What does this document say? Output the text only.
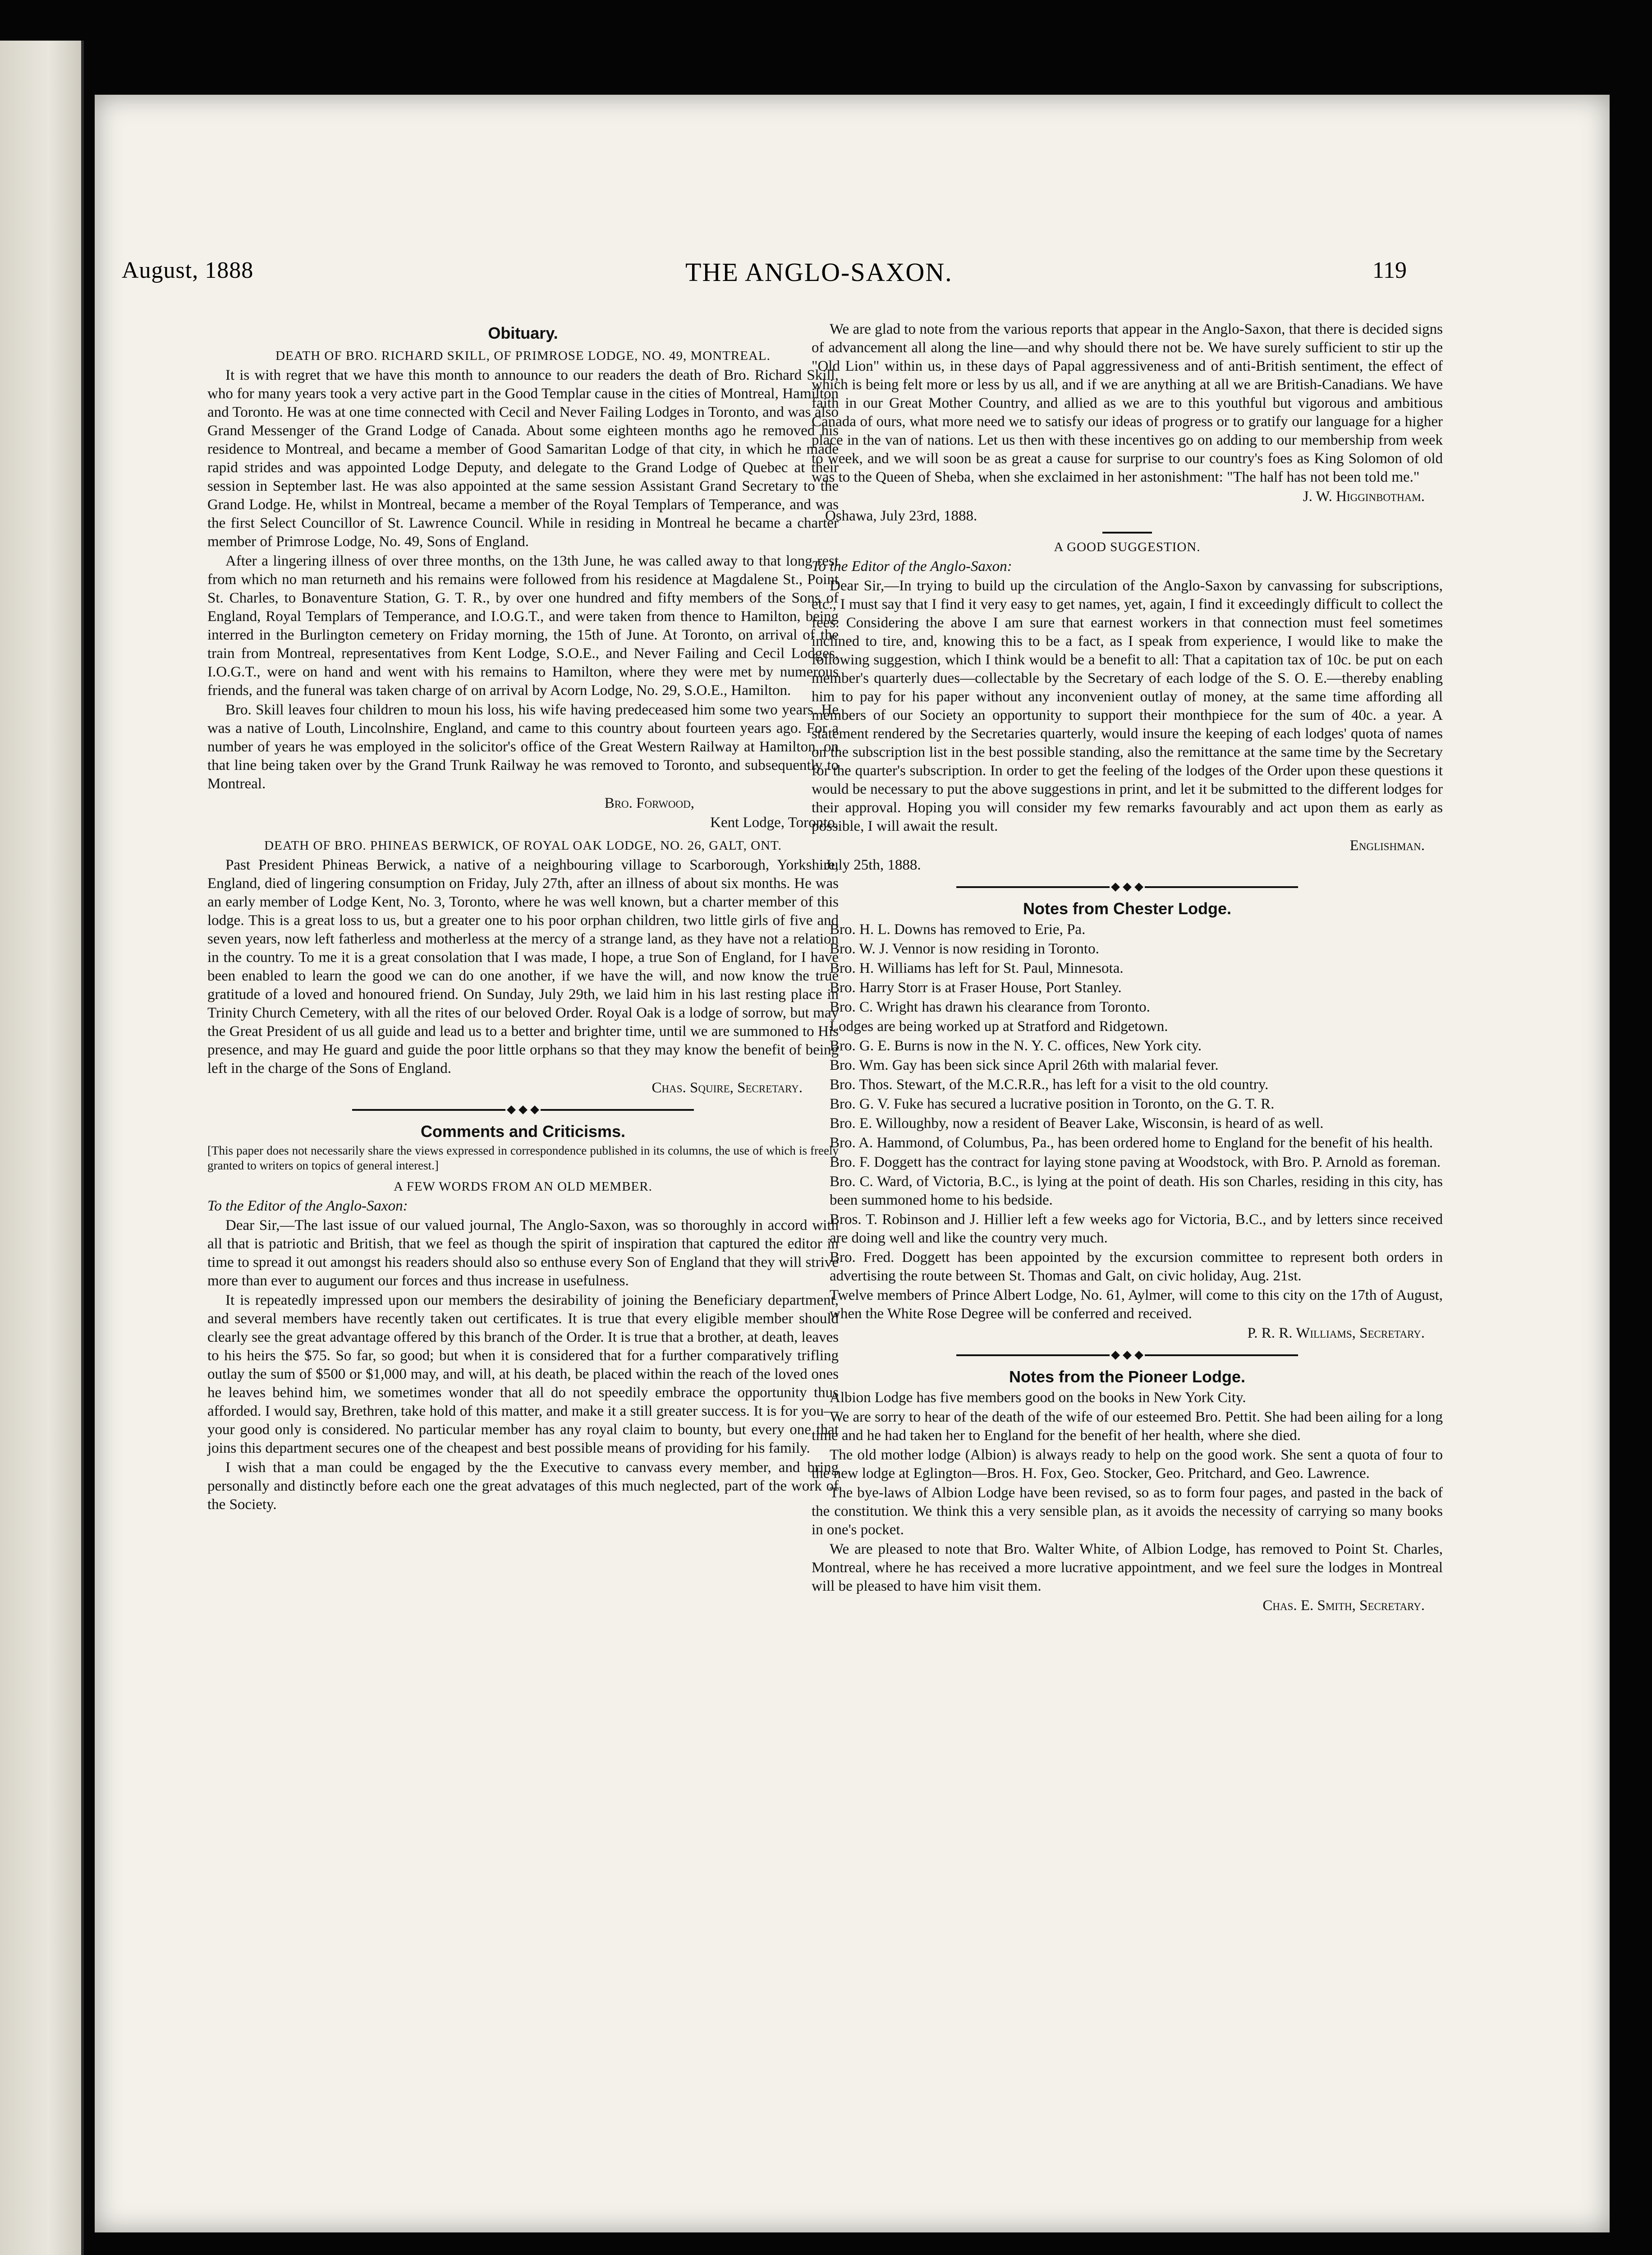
August, 1888	THE ANGLO-SAXON.	119
Obituary.
DEATH OF BRO. RICHARD SKILL, OF PRIMROSE LODGE, NO. 49, MONTREAL.

It is with regret that we have this month to announce to our readers the death of Bro. Richard Skill, who for many years took a very active part in the Good Templar cause in the cities of Montreal, Hamilton and Toronto. He was at one time connected with Cecil and Never Failing Lodges in Toronto, and was also Grand Messenger of the Grand Lodge of Canada. About some eighteen months ago he removed his residence to Montreal, and became a member of Good Samaritan Lodge of that city, in which he made rapid strides and was appointed Lodge Deputy, and delegate to the Grand Lodge of Quebec at their session in September last. He was also appointed at the same session Assistant Grand Secretary to the Grand Lodge. He, whilst in Montreal, became a member of the Royal Templars of Temperance, and was the first Select Councillor of St. Lawrence Council. While in residing in Montreal he became a charter member of Primrose Lodge, No. 49, Sons of England.

After a lingering illness of over three months, on the 13th June, he was called away to that long rest from which no man returneth and his remains were followed from his residence at Magdalene St., Point St. Charles, to Bonaventure Station, G. T. R., by over one hundred and fifty members of the Sons of England, Royal Templars of Temperance, and I.O.G.T., and were taken from thence to Hamilton, being interred in the Burlington cemetery on Friday morning, the 15th of June. At Toronto, on arrival of the train from Montreal, representatives from Kent Lodge, S.O.E., and Never Failing and Cecil Lodges, I.O.G.T., were on hand and went with his remains to Hamilton, where they were met by numerous friends, and the funeral was taken charge of on arrival by Acorn Lodge, No. 29, S.O.E., Hamilton.

Bro. Skill leaves four children to moun his loss, his wife having predeceased him some two years. He was a native of Louth, Lincolnshire, England, and came to this country about fourteen years ago. For a number of years he was employed in the solicitor's office of the Great Western Railway at Hamilton, on that line being taken over by the Grand Trunk Railway he was removed to Toronto, and subsequently to Montreal.

Bro. Forwood,

Kent Lodge, Toronto.

DEATH OF BRO. PHINEAS BERWICK, OF ROYAL OAK LODGE, NO. 26, GALT, ONT.

Past President Phineas Berwick, a native of a neighbouring village to Scarborough, Yorkshire, England, died of lingering consumption on Friday, July 27th, after an illness of about six months. He was an early member of Lodge Kent, No. 3, Toronto, where he was well known, but a charter member of this lodge. This is a great loss to us, but a greater one to his poor orphan children, two little girls of five and seven years, now left fatherless and motherless at the mercy of a strange land, as they have not a relation in the country. To me it is a great consolation that I was made, I hope, a true Son of England, for I have been enabled to learn the good we can do one another, if we have the will, and now know the true gratitude of a loved and honoured friend. On Sunday, July 29th, we laid him in his last resting place in Trinity Church Cemetery, with all the rites of our beloved Order. Royal Oak is a lodge of sorrow, but may the Great President of us all guide and lead us to a better and brighter time, until we are summoned to His presence, and may He guard and guide the poor little orphans so that they may know the benefit of being left in the charge of the Sons of England.

Chas. Squire, Secretary.

Comments and Criticisms.

[This paper does not necessarily share the views expressed in correspondence published in its columns, the use of which is freely granted to writers on topics of general interest.]

A FEW WORDS FROM AN OLD MEMBER.

To the Editor of the Anglo-Saxon:

Dear Sir,—The last issue of our valued journal, The Anglo-Saxon, was so thoroughly in accord with all that is patriotic and British, that we feel as though the spirit of inspiration that captured the editor in time to spread it out amongst his readers should also so enthuse every Son of England that they will strive more than ever to augument our forces and thus increase in usefulness.

It is repeatedly impressed upon our members the desirability of joining the Beneficiary department, and several members have recently taken out certificates. It is true that every eligible member should clearly see the great advantage offered by this branch of the Order. It is true that a brother, at death, leaves to his heirs the $75. So far, so good; but when it is considered that for a further comparatively trifling outlay the sum of $500 or $1,000 may, and will, at his death, be placed within the reach of the loved ones he leaves behind him, we sometimes wonder that all do not speedily embrace the opportunity thus afforded. I would say, Brethren, take hold of this matter, and make it a still greater success. It is for you—your good only is considered. No particular member has any royal claim to bounty, but every one that joins this department secures one of the cheapest and best possible means of providing for his family.

I wish that a man could be engaged by the the Executive to canvass every member, and bring personally and distinctly before each one the great advatages of this much neglected, part of the work of the Society.

We are glad to note from the various reports that appear in the Anglo-Saxon, that there is decided signs of advancement all along the line—and why should there not be. We have surely sufficient to stir up the "Old Lion" within us, in these days of Papal aggressiveness and of anti-British sentiment, the effect of which is being felt more or less by us all, and if we are anything at all we are British-Canadians. We have faith in our Great Mother Country, and allied as we are to this youthful but vigorous and ambitious Canada of ours, what more need we to satisfy our ideas of progress or to gratify our language for a higher place in the van of nations. Let us then with these incentives go on adding to our membership from week to week, and we will soon be as great a cause for surprise to our country's foes as King Solomon of old was to the Queen of Sheba, when she exclaimed in her astonishment: "The half has not been told me."

J. W. Higginbotham.

Oshawa, July 23rd, 1888.

A GOOD SUGGESTION.

To the Editor of the Anglo-Saxon:

Dear Sir,—In trying to build up the circulation of the Anglo-Saxon by canvassing for subscriptions, etc., I must say that I find it very easy to get names, yet, again, I find it exceedingly difficult to collect the fees. Considering the above I am sure that earnest workers in that connection must feel sometimes inclined to tire, and, knowing this to be a fact, as I speak from experience, I would like to make the following suggestion, which I think would be a benefit to all: That a capitation tax of 10c. be put on each member's quarterly dues—collectable by the Secretary of each lodge of the S. O. E.—thereby enabling him to pay for his paper without any inconvenient outlay of money, at the same time affording all members of our Society an opportunity to support their monthpiece for the sum of 40c. a year. A statement rendered by the Secretaries quarterly, would insure the keeping of each lodges' quota of names on the subscription list in the best possible standing, also the remittance at the same time by the Secretary for the quarter's subscription. In order to get the feeling of the lodges of the Order upon these questions it would be necessary to put the above suggestions in print, and let it be submitted to the different lodges for their approval. Hoping you will consider my few remarks favourably and act upon them as early as possible, I will await the result.

Englishman.

July 25th, 1888.

Notes from Chester Lodge.

Bro. H. L. Downs has removed to Erie, Pa.

Bro. W. J. Vennor is now residing in Toronto.

Bro. H. Williams has left for St. Paul, Minnesota.

Bro. Harry Storr is at Fraser House, Port Stanley.

Bro. C. Wright has drawn his clearance from Toronto.

Lodges are being worked up at Stratford and Ridgetown.

Bro. G. E. Burns is now in the N. Y. C. offices, New York city.

Bro. Wm. Gay has been sick since April 26th with malarial fever.

Bro. Thos. Stewart, of the M.C.R.R., has left for a visit to the old country.

Bro. G. V. Fuke has secured a lucrative position in Toronto, on the G. T. R.

Bro. E. Willoughby, now a resident of Beaver Lake, Wisconsin, is heard of as well.

Bro. A. Hammond, of Columbus, Pa., has been ordered home to England for the benefit of his health.

Bro. F. Doggett has the contract for laying stone paving at Woodstock, with Bro. P. Arnold as foreman.

Bro. C. Ward, of Victoria, B.C., is lying at the point of death. His son Charles, residing in this city, has been summoned home to his bedside.

Bros. T. Robinson and J. Hillier left a few weeks ago for Victoria, B.C., and by letters since received are doing well and like the country very much.

Bro. Fred. Doggett has been appointed by the excursion committee to represent both orders in advertising the route between St. Thomas and Galt, on civic holiday, Aug. 21st.

Twelve members of Prince Albert Lodge, No. 61, Aylmer, will come to this city on the 17th of August, when the White Rose Degree will be conferred and received.

P. R. R. Williams, Secretary.

Notes from the Pioneer Lodge.

Albion Lodge has five members good on the books in New York City.

We are sorry to hear of the death of the wife of our esteemed Bro. Pettit. She had been ailing for a long time and he had taken her to England for the benefit of her health, where she died.

The old mother lodge (Albion) is always ready to help on the good work. She sent a quota of four to the new lodge at Eglington—Bros. H. Fox, Geo. Stocker, Geo. Pritchard, and Geo. Lawrence.

The bye-laws of Albion Lodge have been revised, so as to form four pages, and pasted in the back of the constitution. We think this a very sensible plan, as it avoids the necessity of carrying so many books in one's pocket.

We are pleased to note that Bro. Walter White, of Albion Lodge, has removed to Point St. Charles, Montreal, where he has received a more lucrative appointment, and we feel sure the lodges in Montreal will be pleased to have him visit them.

Chas. E. Smith, Secretary.
